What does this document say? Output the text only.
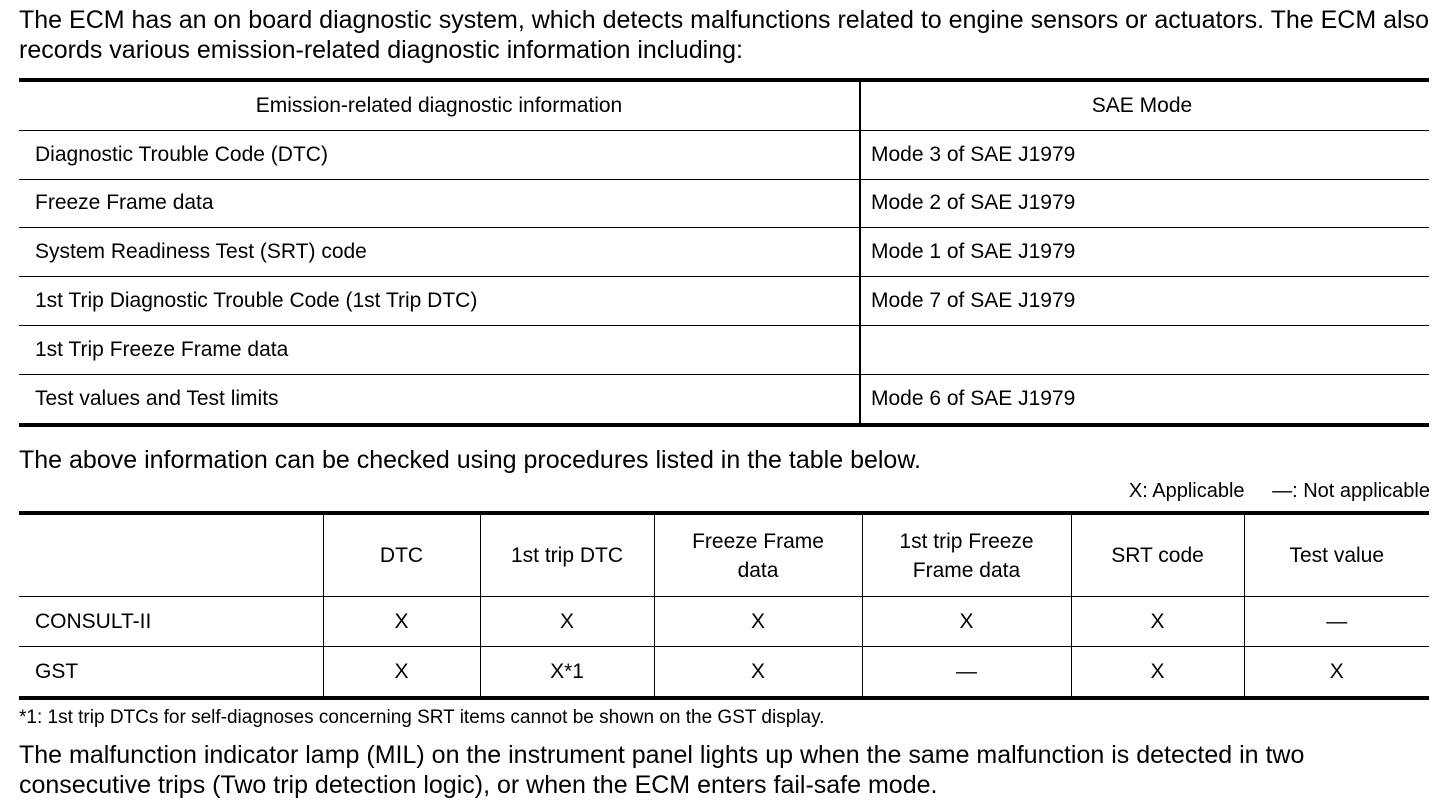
The ECM has an on board diagnostic system, which detects malfunctions related to engine sensors or actuators. The ECM also records various emission-related diagnostic information including:

Emission-related diagnostic information	SAE Mode
Diagnostic Trouble Code (DTC)	Mode 3 of SAE J1979
Freeze Frame data	Mode 2 of SAE J1979
System Readiness Test (SRT) code	Mode 1 of SAE J1979
1st Trip Diagnostic Trouble Code (1st Trip DTC)	Mode 7 of SAE J1979
1st Trip Freeze Frame data	
Test values and Test limits	Mode 6 of SAE J1979

The above information can be checked using procedures listed in the table below.

X: Applicable —: Not applicable
	DTC	1st trip DTC	Freeze Frame data	1st trip Freeze Frame data	SRT code	Test value
CONSULT-II	X	X	X	X	X	—
GST	X	X*1	X	—	X	X

*1: 1st trip DTCs for self-diagnoses concerning SRT items cannot be shown on the GST display.

The malfunction indicator lamp (MIL) on the instrument panel lights up when the same malfunction is detected in two consecutive trips (Two trip detection logic), or when the ECM enters fail-safe mode.
